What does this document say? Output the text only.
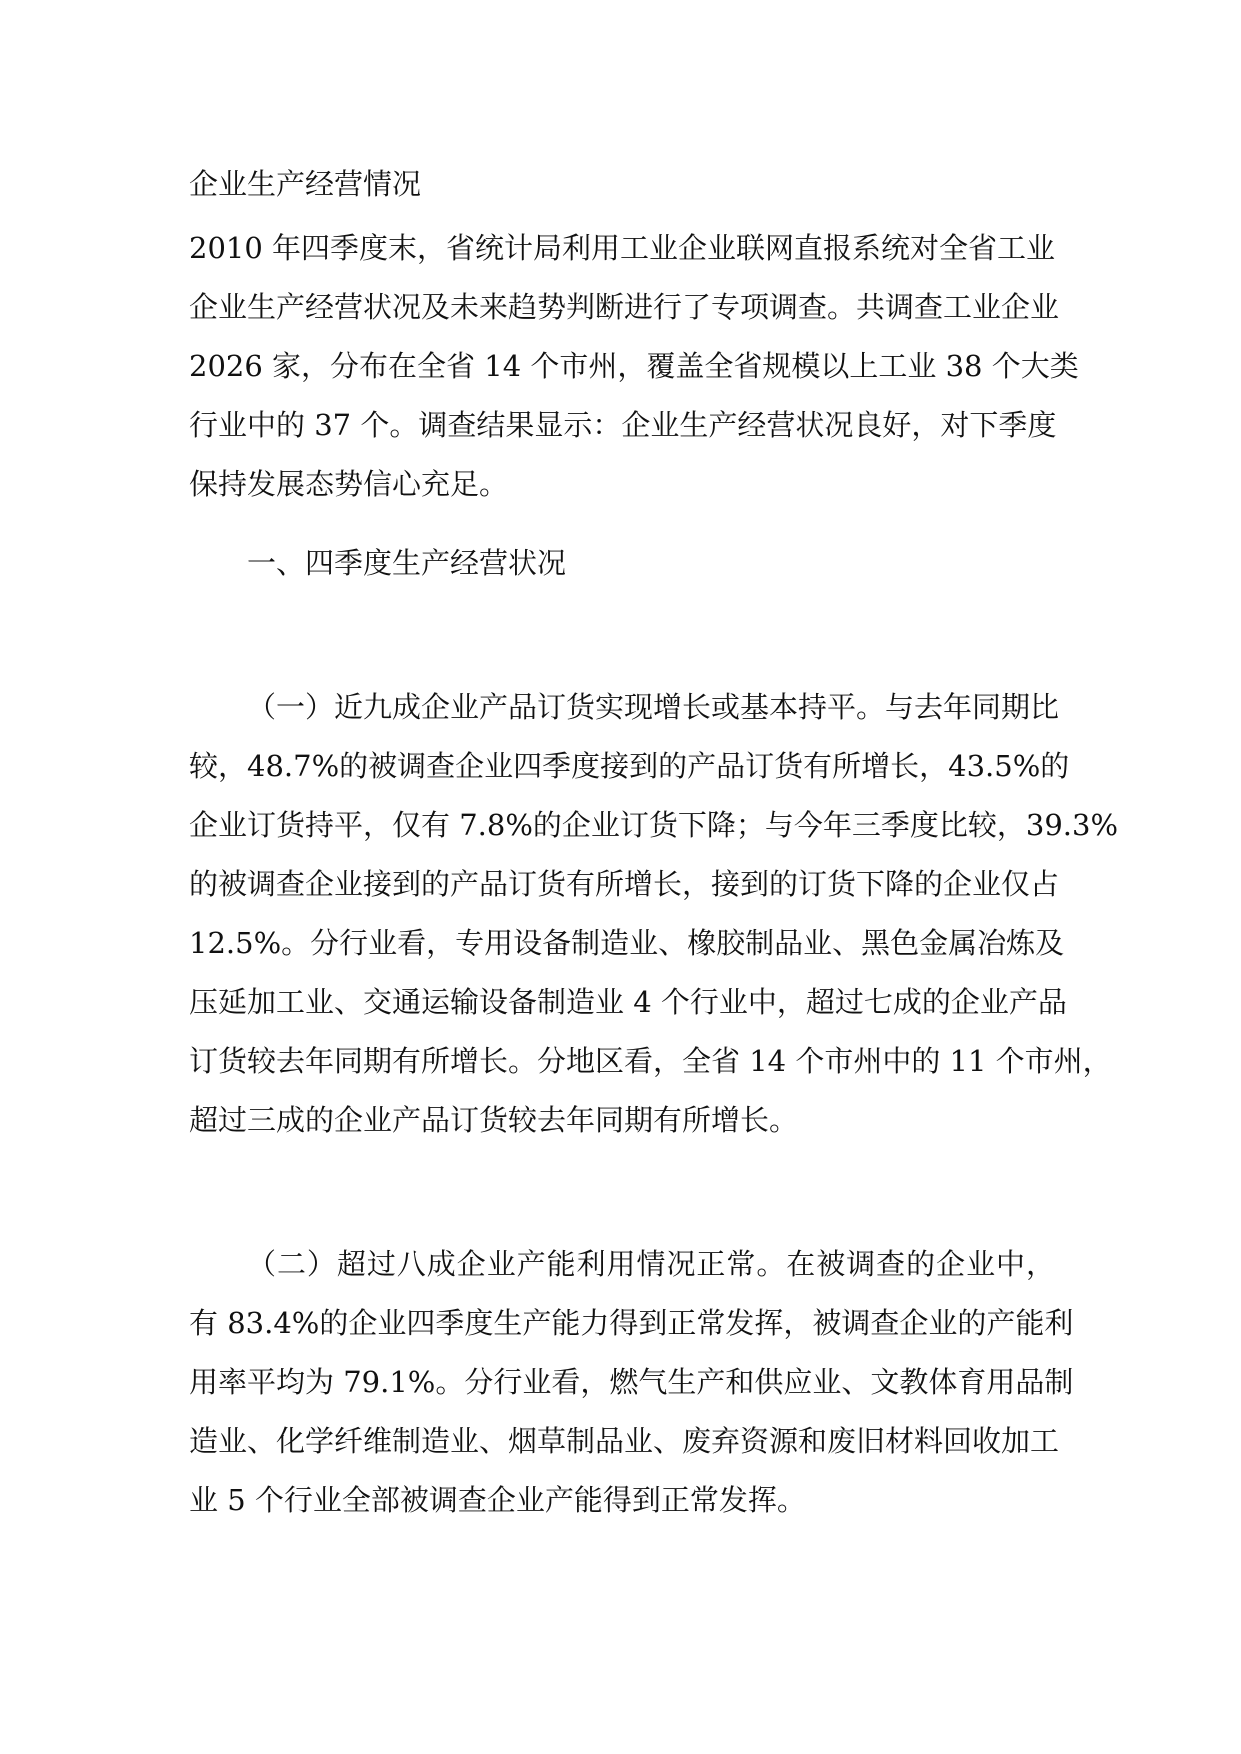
企业生产经营情况
2010 年四季度末，省统计局利用工业企业联网直报系统对全省工业
企业生产经营状况及未来趋势判断进行了专项调查。共调查工业企业
2026 家，分布在全省 14 个市州，覆盖全省规模以上工业 38 个大类
行业中的 37 个。调查结果显示：企业生产经营状况良好，对下季度
保持发展态势信心充足。
一、四季度生产经营状况
（一）近九成企业产品订货实现增长或基本持平。与去年同期比
较，48.7%的被调查企业四季度接到的产品订货有所增长，43.5%的
企业订货持平，仅有 7.8%的企业订货下降；与今年三季度比较，39.3%
的被调查企业接到的产品订货有所增长，接到的订货下降的企业仅占
12.5%。分行业看，专用设备制造业、橡胶制品业、黑色金属冶炼及
压延加工业、交通运输设备制造业 4 个行业中，超过七成的企业产品
订货较去年同期有所增长。分地区看，全省 14 个市州中的 11 个市州，
超过三成的企业产品订货较去年同期有所增长。
（二）超过八成企业产能利用情况正常。在被调查的企业中，
有 83.4%的企业四季度生产能力得到正常发挥，被调查企业的产能利
用率平均为 79.1%。分行业看，燃气生产和供应业、文教体育用品制
造业、化学纤维制造业、烟草制品业、废弃资源和废旧材料回收加工
业 5 个行业全部被调查企业产能得到正常发挥。
